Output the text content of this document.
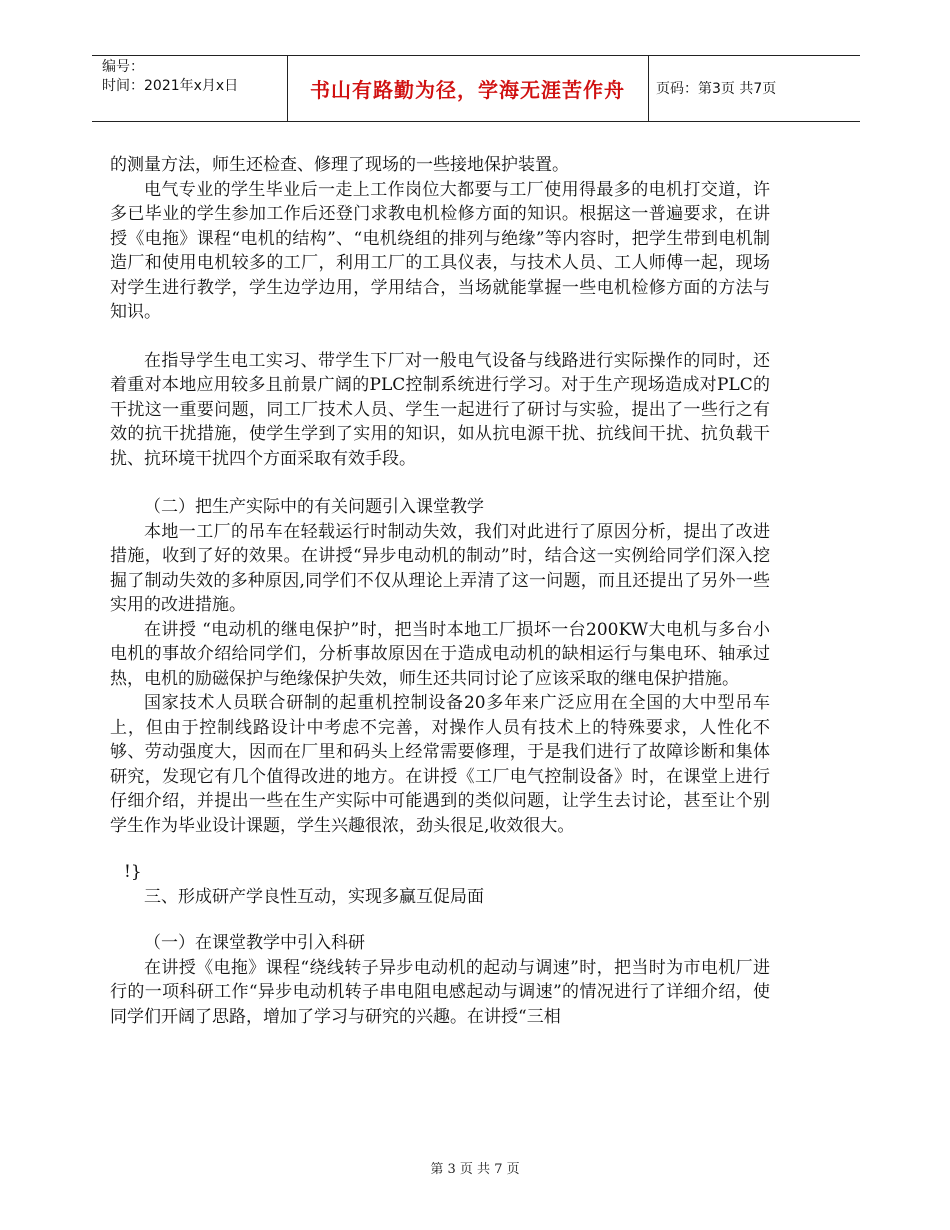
编号：
时间：2021年x月x日	书山有路勤为径，学海无涯苦作舟	页码：第3页 共7页

的测量方法，师生还检查、修理了现场的一些接地保护装置。

电气专业的学生毕业后一走上工作岗位大都要与工厂使用得最多的电机打交道，许多已毕业的学生参加工作后还登门求教电机检修方面的知识。根据这一普遍要求，在讲授《电拖》课程“电机的结构”、“电机绕组的排列与绝缘”等内容时，把学生带到电机制造厂和使用电机较多的工厂，利用工厂的工具仪表，与技术人员、工人师傅一起，现场对学生进行教学，学生边学边用，学用结合，当场就能掌握一些电机检修方面的方法与知识。

在指导学生电工实习、带学生下厂对一般电气设备与线路进行实际操作的同时，还着重对本地应用较多且前景广阔的PLC控制系统进行学习。对于生产现场造成对PLC的干扰这一重要问题，同工厂技术人员、学生一起进行了研讨与实验，提出了一些行之有效的抗干扰措施，使学生学到了实用的知识，如从抗电源干扰、抗线间干扰、抗负载干扰、抗环境干扰四个方面采取有效手段。

（二）把生产实际中的有关问题引入课堂教学

本地一工厂的吊车在轻载运行时制动失效，我们对此进行了原因分析，提出了改进措施，收到了好的效果。在讲授“异步电动机的制动”时，结合这一实例给同学们深入挖掘了制动失效的多种原因,同学们不仅从理论上弄清了这一问题，而且还提出了另外一些实用的改进措施。

在讲授 “电动机的继电保护”时，把当时本地工厂损坏一台200KW大电机与多台小电机的事故介绍给同学们，分析事故原因在于造成电动机的缺相运行与集电环、轴承过热，电机的励磁保护与绝缘保护失效，师生还共同讨论了应该采取的继电保护措施。

国家技术人员联合研制的起重机控制设备20多年来广泛应用在全国的大中型吊车上，但由于控制线路设计中考虑不完善，对操作人员有技术上的特殊要求，人性化不够、劳动强度大，因而在厂里和码头上经常需要修理，于是我们进行了故障诊断和集体研究，发现它有几个值得改进的地方。在讲授《工厂电气控制设备》时，在课堂上进行仔细介绍，并提出一些在生产实际中可能遇到的类似问题，让学生去讨论，甚至让个别学生作为毕业设计课题，学生兴趣很浓，劲头很足,收效很大。

!}

三、形成研产学良性互动，实现多赢互促局面

（一）在课堂教学中引入科研

在讲授《电拖》课程“绕线转子异步电动机的起动与调速”时，把当时为市电机厂进行的一项科研工作“异步电动机转子串电阻电感起动与调速”的情况进行了详细介绍，使同学们开阔了思路，增加了学习与研究的兴趣。在讲授“三相

第 3 页 共 7 页
